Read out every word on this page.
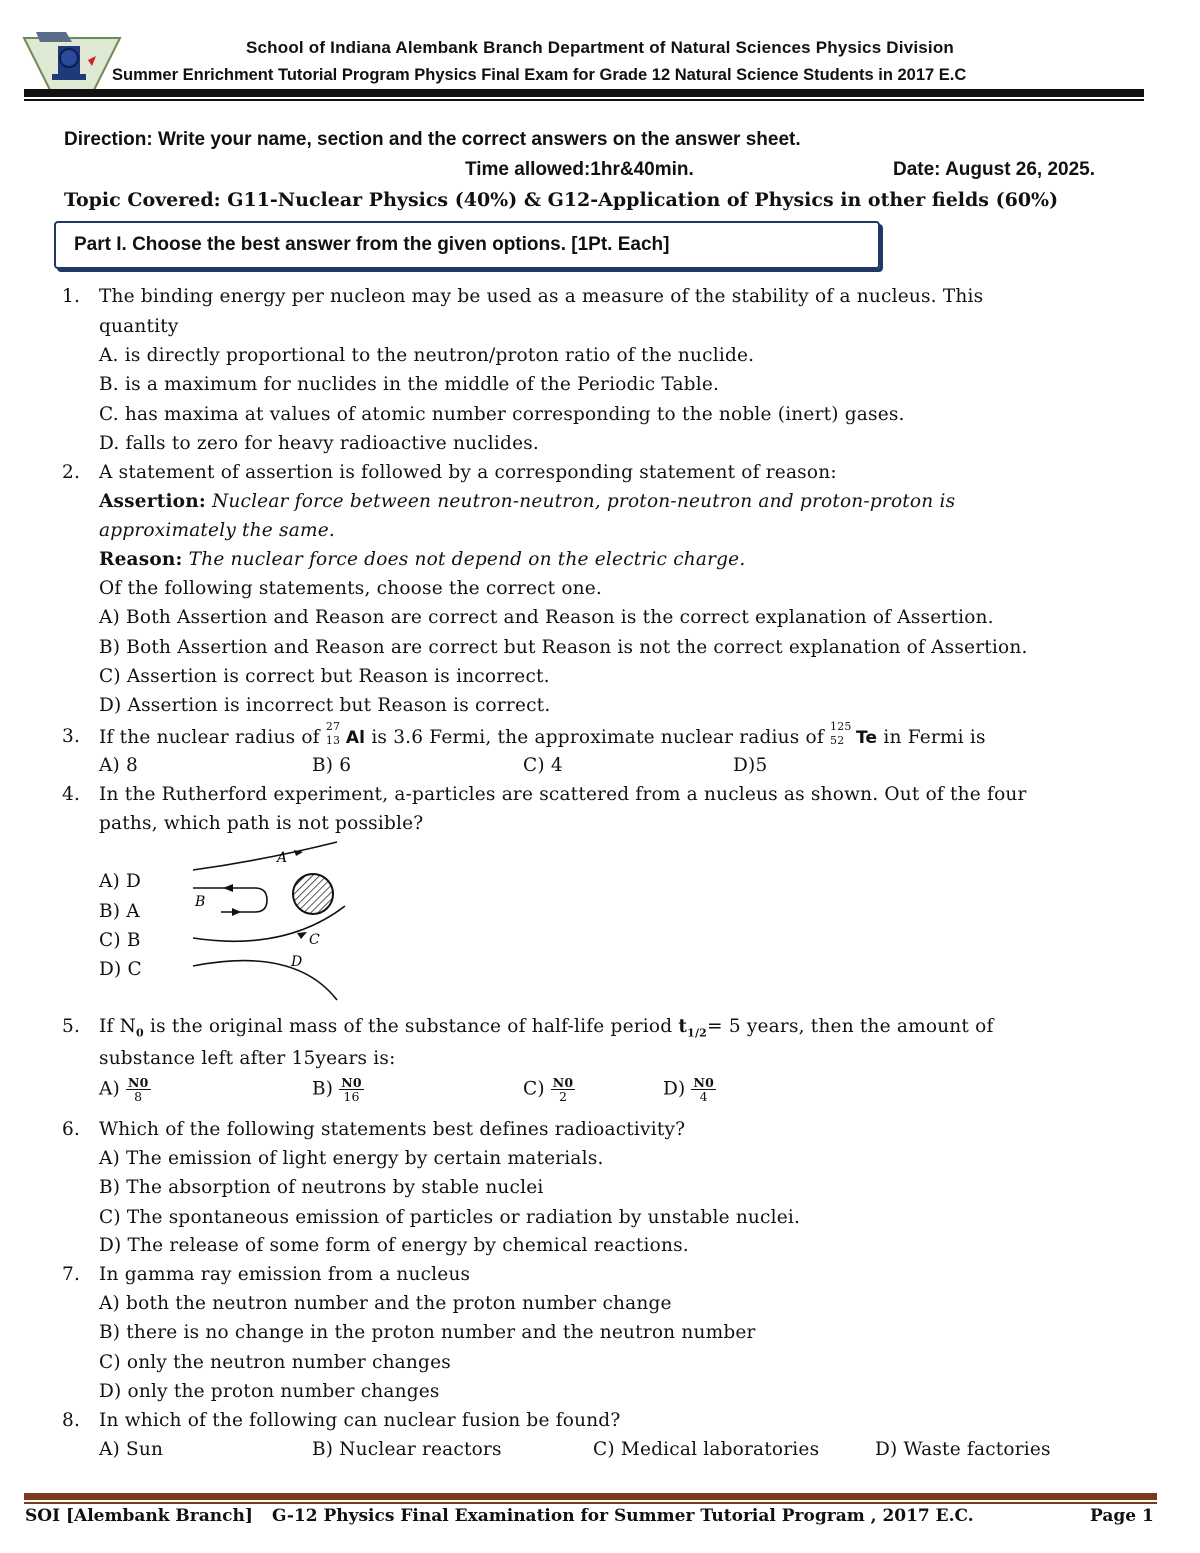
School of Indiana Alembank Branch Department of Natural Sciences Physics Division
Summer Enrichment Tutorial Program Physics Final Exam for Grade 12 Natural Science Students in 2017 E.C
Direction: Write your name, section and the correct answers on the answer sheet.
Time allowed:1hr&40min.	Date: August 26, 2025.
Topic Covered: G11-Nuclear Physics (40%) & G12-Application of Physics in other fields (60%)
Part I. Choose the best answer from the given options. [1Pt. Each]
1. The binding energy per nucleon may be used as a measure of the stability of a nucleus. This
quantity
A. is directly proportional to the neutron/proton ratio of the nuclide.
B. is a maximum for nuclides in the middle of the Periodic Table.
C. has maxima at values of atomic number corresponding to the noble (inert) gases.
D. falls to zero for heavy radioactive nuclides.
2. A statement of assertion is followed by a corresponding statement of reason:
Assertion: Nuclear force between neutron-neutron, proton-neutron and proton-proton is
approximately the same.
Reason: The nuclear force does not depend on the electric charge.
Of the following statements, choose the correct one.
A) Both Assertion and Reason are correct and Reason is the correct explanation of Assertion.
B) Both Assertion and Reason are correct but Reason is not the correct explanation of Assertion.
C) Assertion is correct but Reason is incorrect.
D) Assertion is incorrect but Reason is correct.
3. If the nuclear radius of
27
13 Al is 3.6 Fermi, the approximate nuclear radius of
125
52 Te in Fermi is
A) 8	B) 6	C) 4	D)5
4. In the Rutherford experiment, a-particles are scattered from a nucleus as shown. Out of the four
paths, which path is not possible?
A) D
B) A
C) B
D) C
A
B
C
D
5. If $N_0$ is the original mass of the substance of half-life period $t_{1/2}= 5$ years, then the amount of
substance left after 15years is:
$A) \frac{N0}{8}$	$B) \frac{N0}{16}$	$C) \frac{N0}{2}$	$D) \frac{N0}{4}$
6. Which of the following statements best defines radioactivity?
A) The emission of light energy by certain materials.
B) The absorption of neutrons by stable nuclei
C) The spontaneous emission of particles or radiation by unstable nuclei.
D) The release of some form of energy by chemical reactions.
7. In gamma ray emission from a nucleus
A) both the neutron number and the proton number change
B) there is no change in the proton number and the neutron number
C) only the neutron number changes
D) only the proton number changes
8. In which of the following can nuclear fusion be found?
A) Sun	B) Nuclear reactors	C) Medical laboratories	D) Waste factories
SOI [Alembank Branch] G-12 Physics Final Examination for Summer Tutorial Program , 2017 E.C.	Page 1
